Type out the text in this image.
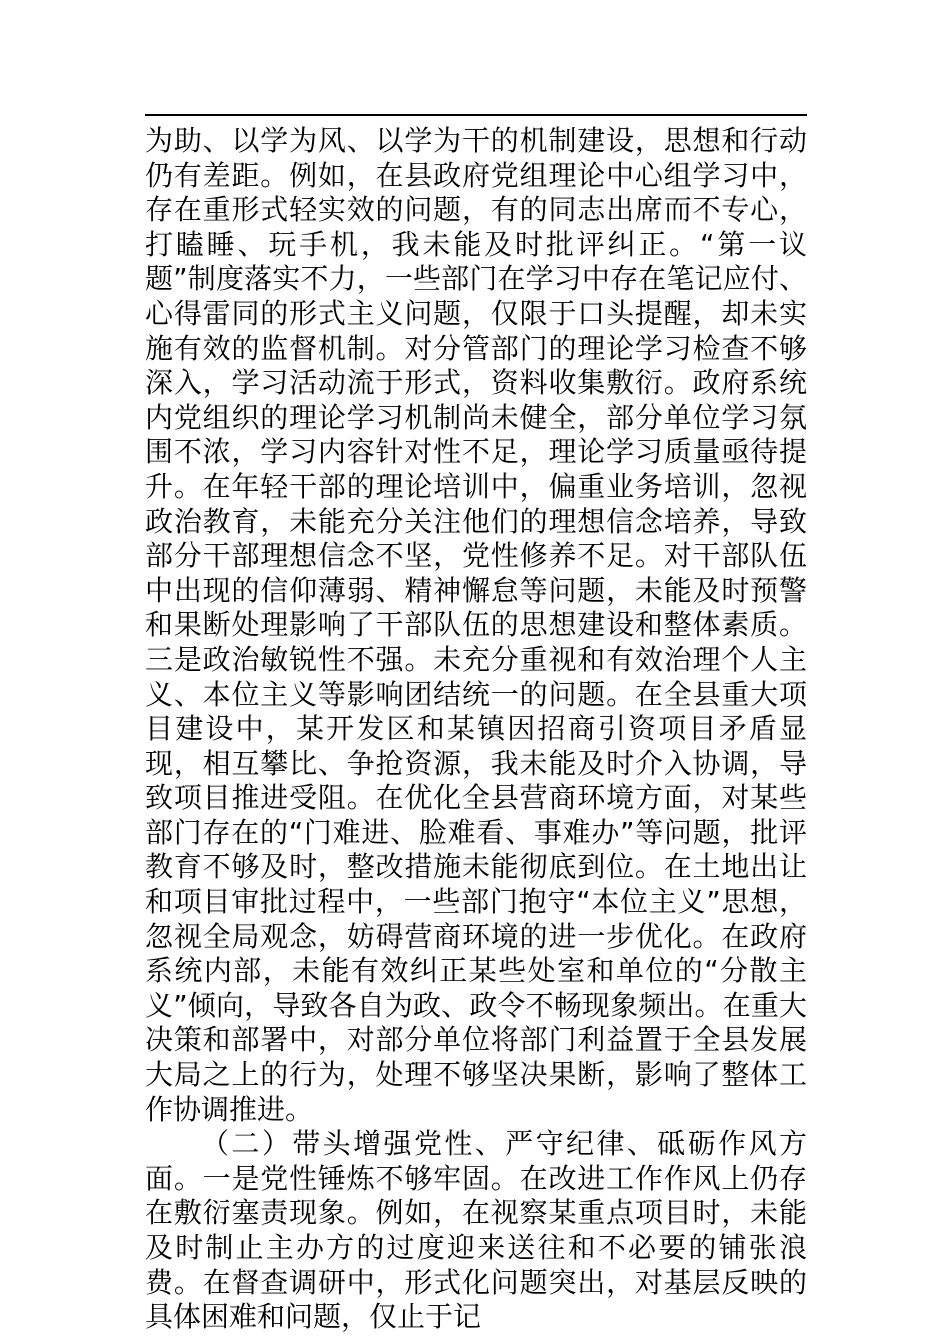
为助、以学为风、以学为干的机制建设，思想和行动仍有差距。例如，在县政府党组理论中心组学习中，存在重形式轻实效的问题，有的同志出席而不专心，打瞌睡、玩手机，我未能及时批评纠正。“第一议题”制度落实不力，一些部门在学习中存在笔记应付、心得雷同的形式主义问题，仅限于口头提醒，却未实施有效的监督机制。对分管部门的理论学习检查不够深入，学习活动流于形式，资料收集敷衍。政府系统内党组织的理论学习机制尚未健全，部分单位学习氛围不浓，学习内容针对性不足，理论学习质量亟待提升。在年轻干部的理论培训中，偏重业务培训，忽视政治教育，未能充分关注他们的理想信念培养，导致部分干部理想信念不坚，党性修养不足。对干部队伍中出现的信仰薄弱、精神懈怠等问题，未能及时预警和果断处理影响了干部队伍的思想建设和整体素质。三是政治敏锐性不强。未充分重视和有效治理个人主义、本位主义等影响团结统一的问题。在全县重大项目建设中，某开发区和某镇因招商引资项目矛盾显现，相互攀比、争抢资源，我未能及时介入协调，导致项目推进受阻。在优化全县营商环境方面，对某些部门存在的“门难进、脸难看、事难办”等问题，批评教育不够及时，整改措施未能彻底到位。在土地出让和项目审批过程中，一些部门抱守“本位主义”思想，忽视全局观念，妨碍营商环境的进一步优化。在政府系统内部，未能有效纠正某些处室和单位的“分散主义”倾向，导致各自为政、政令不畅现象频出。在重大决策和部署中，对部分单位将部门利益置于全县发展大局之上的行为，处理不够坚决果断，影响了整体工作协调推进。

（二）带头增强党性、严守纪律、砥砺作风方面。一是党性锤炼不够牢固。在改进工作作风上仍存在敷衍塞责现象。例如，在视察某重点项目时，未能及时制止主办方的过度迎来送往和不必要的铺张浪费。在督查调研中，形式化问题突出，对基层反映的具体困难和问题，仅止于记
